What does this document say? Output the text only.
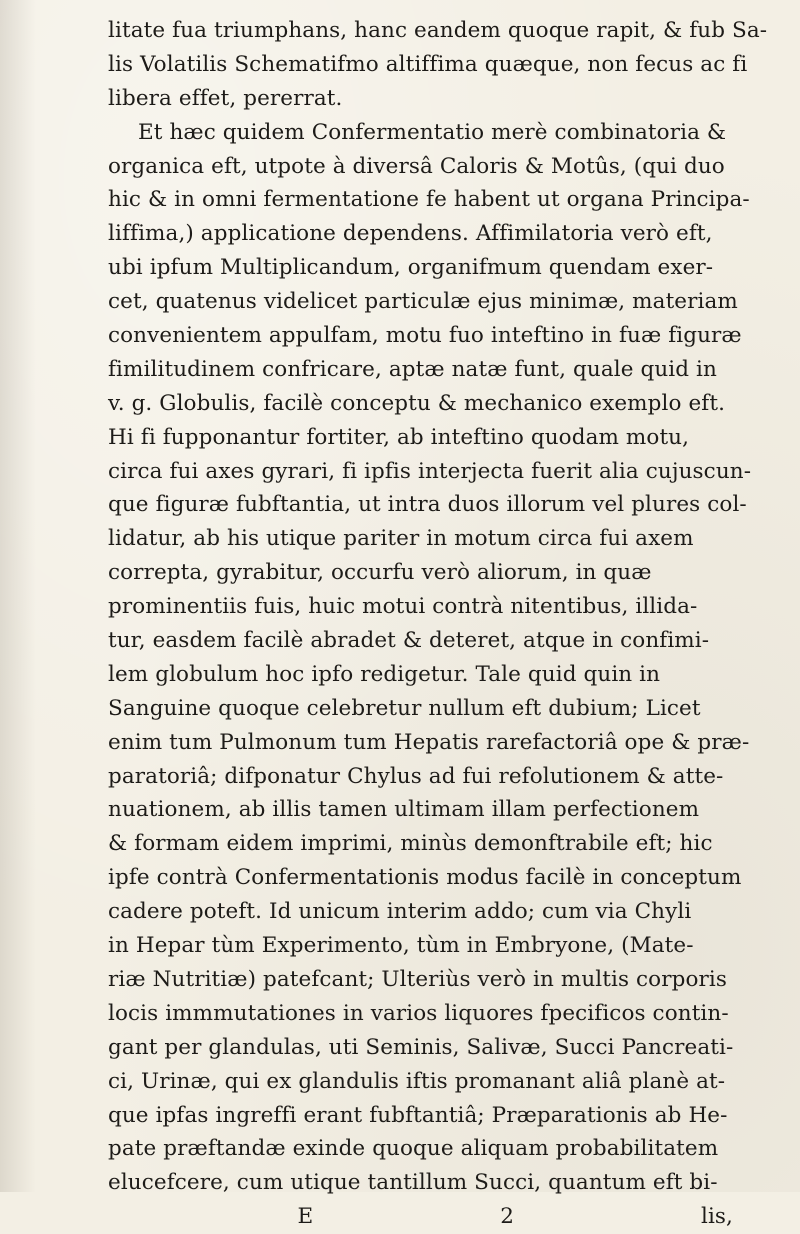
litate fua triumphans, hanc eandem quoque rapit, & fub Sa-
lis Volatilis Schematifmo altiffima quæque, non fecus ac fi
libera effet, pererrat.
Et hæc quidem Confermentatio merè combinatoria &
organica eft, utpote à diversâ Caloris & Motûs, (qui duo
hic & in omni fermentatione fe habent ut organa Principa-
liffima,) applicatione dependens. Affimilatoria verò eft,
ubi ipfum Multiplicandum, organifmum quendam exer-
cet, quatenus videlicet particulæ ejus minimæ, materiam
convenientem appulfam, motu fuo inteftino in fuæ figuræ
fimilitudinem confricare, aptæ natæ funt, quale quid in
v. g. Globulis, facilè conceptu & mechanico exemplo eft.
Hi fi fupponantur fortiter, ab inteftino quodam motu,
circa fui axes gyrari, fi ipfis interjecta fuerit alia cujuscun-
que figuræ fubftantia, ut intra duos illorum vel plures col-
lidatur, ab his utique pariter in motum circa fui axem
correpta, gyrabitur, occurfu verò aliorum, in quæ
prominentiis fuis, huic motui contrà nitentibus, illida-
tur, easdem facilè abradet & deteret, atque in confimi-
lem globulum hoc ipfo redigetur. Tale quid quin in
Sanguine quoque celebretur nullum eft dubium; Licet
enim tum Pulmonum tum Hepatis rarefactoriâ ope & præ-
paratoriâ; difponatur Chylus ad fui refolutionem & atte-
nuationem, ab illis tamen ultimam illam perfectionem
& formam eidem imprimi, minùs demonftrabile eft; hic
ipfe contrà Confermentationis modus facilè in conceptum
cadere poteft. Id unicum interim addo; cum via Chyli
in Hepar tùm Experimento, tùm in Embryone, (Mate-
riæ Nutritiæ) patefcant; Ulteriùs verò in multis corporis
locis immmutationes in varios liquores fpecificos contin-
gant per glandulas, uti Seminis, Salivæ, Succi Pancreati-
ci, Urinæ, qui ex glandulis iftis promanant aliâ planè at-
que ipfas ingreffi erant fubftantiâ; Præparationis ab He-
pate præftandæ exinde quoque aliquam probabilitatem
elucefcere, cum utique tantillum Succi, quantum eft bi-
E 2	lis,
